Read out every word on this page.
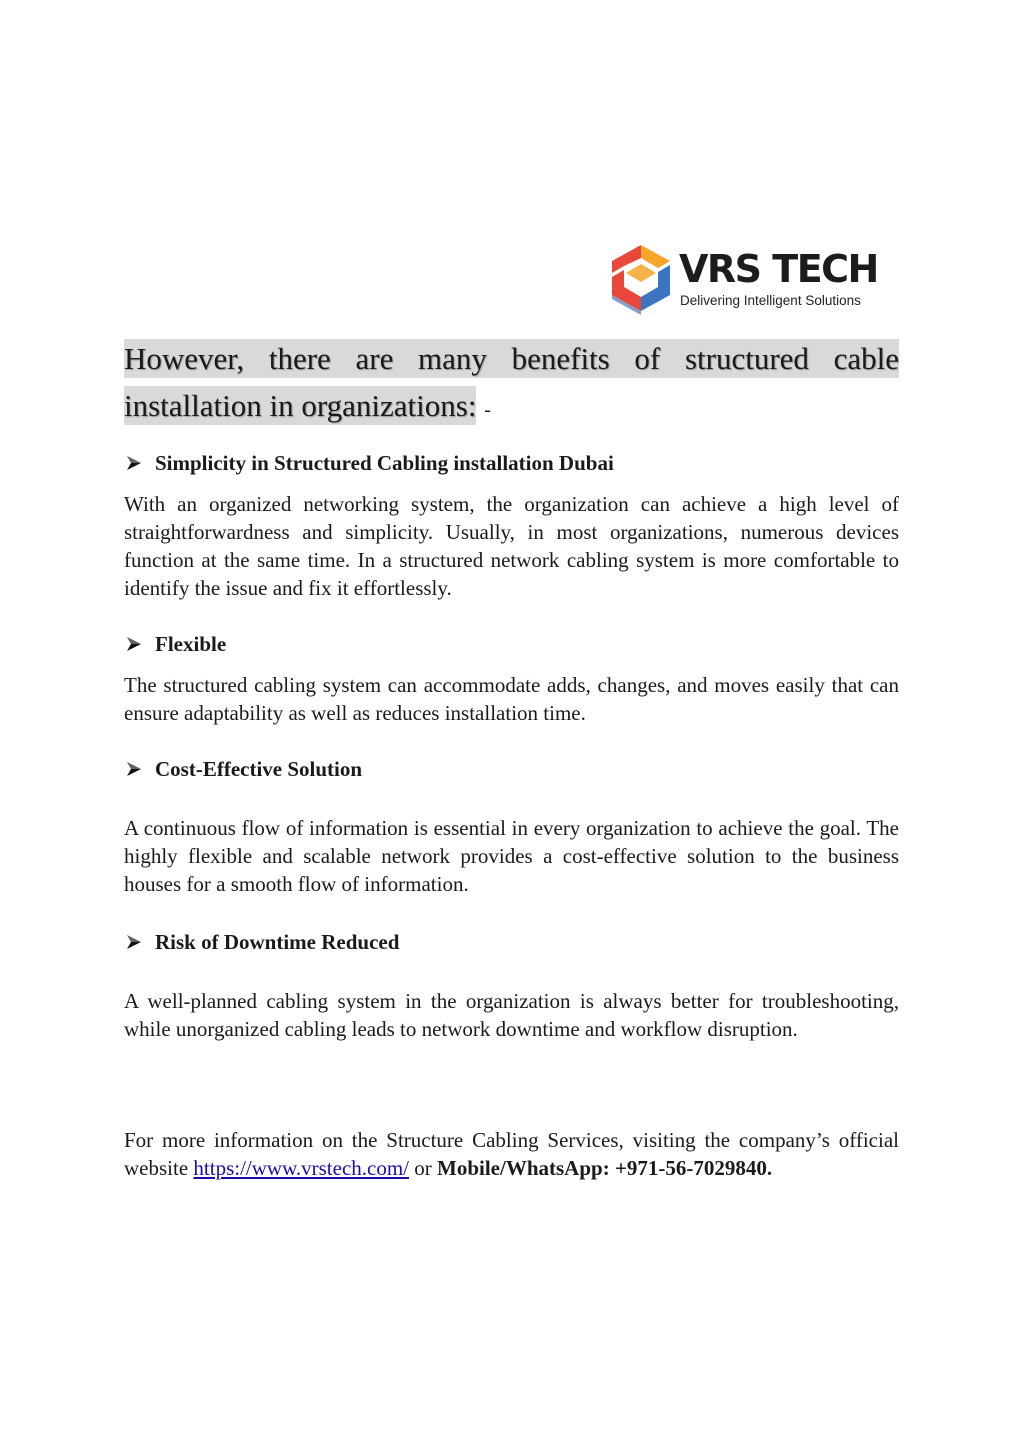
VRS TECH
Delivering Intelligent Solutions

However, there are many benefits of structured cable installation in organizations: -

Simplicity in Structured Cabling installation Dubai

With an organized networking system, the organization can achieve a high level of straightforwardness and simplicity. Usually, in most organizations, numerous devices function at the same time. In a structured network cabling system is more comfortable to identify the issue and fix it effortlessly.

Flexible

The structured cabling system can accommodate adds, changes, and moves easily that can ensure adaptability as well as reduces installation time.

Cost-Effective Solution

A continuous flow of information is essential in every organization to achieve the goal. The highly flexible and scalable network provides a cost-effective solution to the business houses for a smooth flow of information.

Risk of Downtime Reduced

A well-planned cabling system in the organization is always better for troubleshooting, while unorganized cabling leads to network downtime and workflow disruption.

For more information on the Structure Cabling Services, visiting the company’s official website https://www.vrstech.com/ or Mobile/WhatsApp: +971-56-7029840.
